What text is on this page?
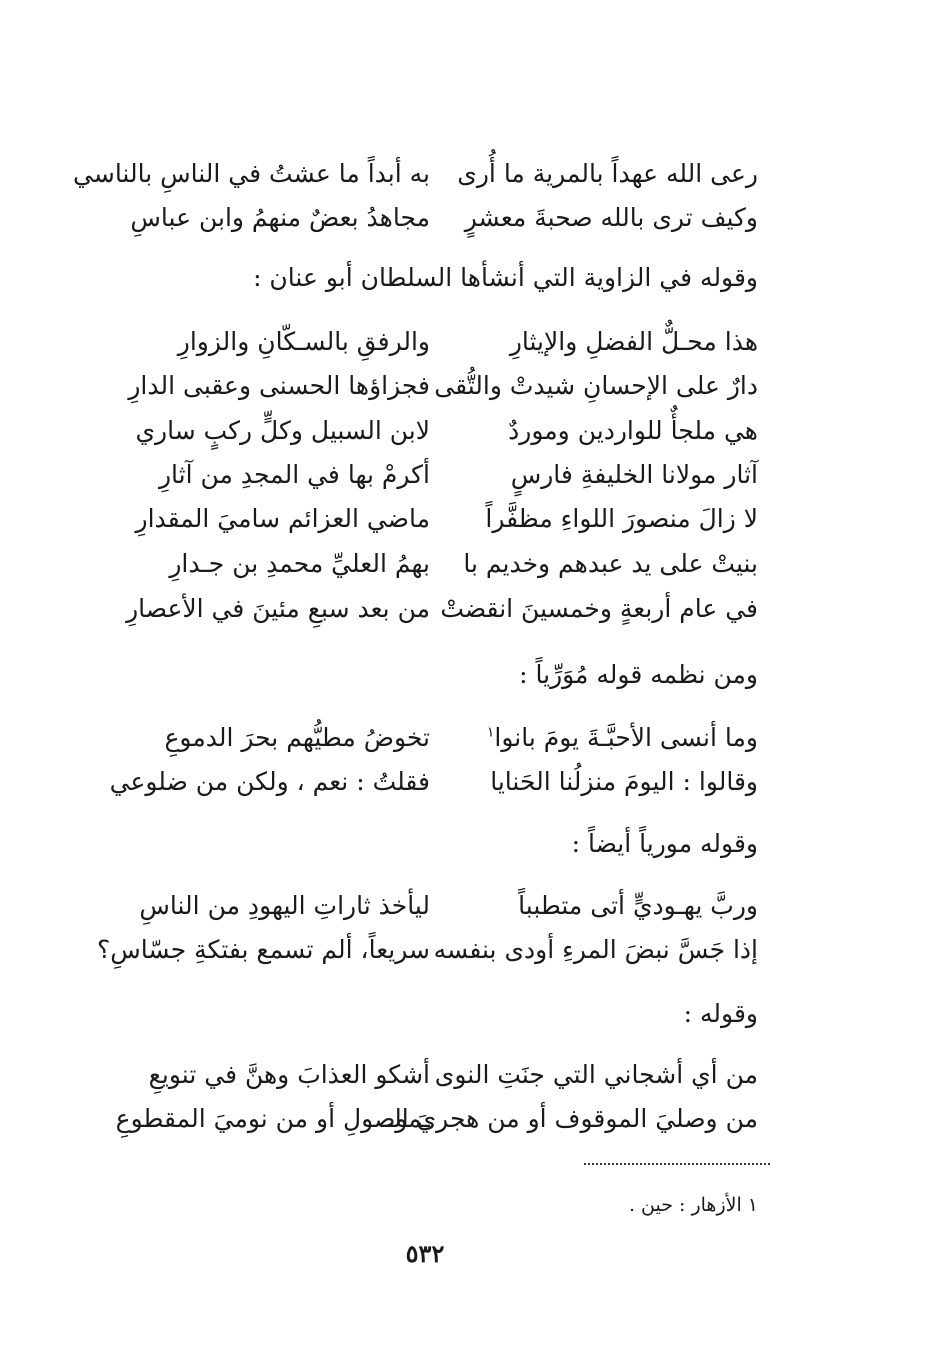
رعى الله عهداً بالمرية ما أُرى
به أبداً ما عشتُ في الناسِ بالناسي
وكيف ترى بالله صحبةَ معشرٍ
مجاهدُ بعضٌ منهمُ وابن عباسِ
وقوله في الزاوية التي أنشأها السلطان أبو عنان :
هذا محـلٌّ الفضلِ والإيثارِ
والرفقِ بالسـكّانِ والزوارِ
دارٌ على الإحسانِ شيدتْ والتُّقى
فجزاؤها الحسنى وعقبى الدارِ
هي ملجأٌ للواردين وموردٌ
لابن السبيل وكلٍّ ركبٍ ساري
آثار مولانا الخليفةِ فارسٍ
أكرمْ بها في المجدِ من آثارِ
لا زالَ منصورَ اللواءِ مظفَّراً
ماضي العزائم ساميَ المقدارِ
بنيتْ على يد عبدهم وخديم با
بهمُ العليِّ محمدِ بن جـدارِ
في عام أربعةٍ وخمسينَ انقضتْ
من بعد سبعِ مئينَ في الأعصارِ
ومن نظمه قوله مُوَرِّياً :
وما أنسى الأحبَّـةَ يومَ بانوا$^١$
تخوضُ مطيُّهم بحرَ الدموعِ
وقالوا : اليومَ منزلُنا الحَنايا
فقلتُ : نعم ، ولكن من ضلوعي
وقوله مورياً أيضاً :
وربَّ يهـوديٍّ أتى متطبباً
ليأخذ ثاراتِ اليهودِ من الناسِ
إذا جَسَّ نبضَ المرءِ أودى بنفسه
سريعاً، ألم تسمع بفتكةِ جسّاسِ؟
وقوله :
من أي أشجاني التي جنَتِ النوى
أشكو العذابَ وهنَّ في تنويعِ
من وصليَ الموقوف أو من هجريَ الـ
ـموصولِ أو من نوميَ المقطوعِ
١ الأزهار : حين .
٥٣٢
